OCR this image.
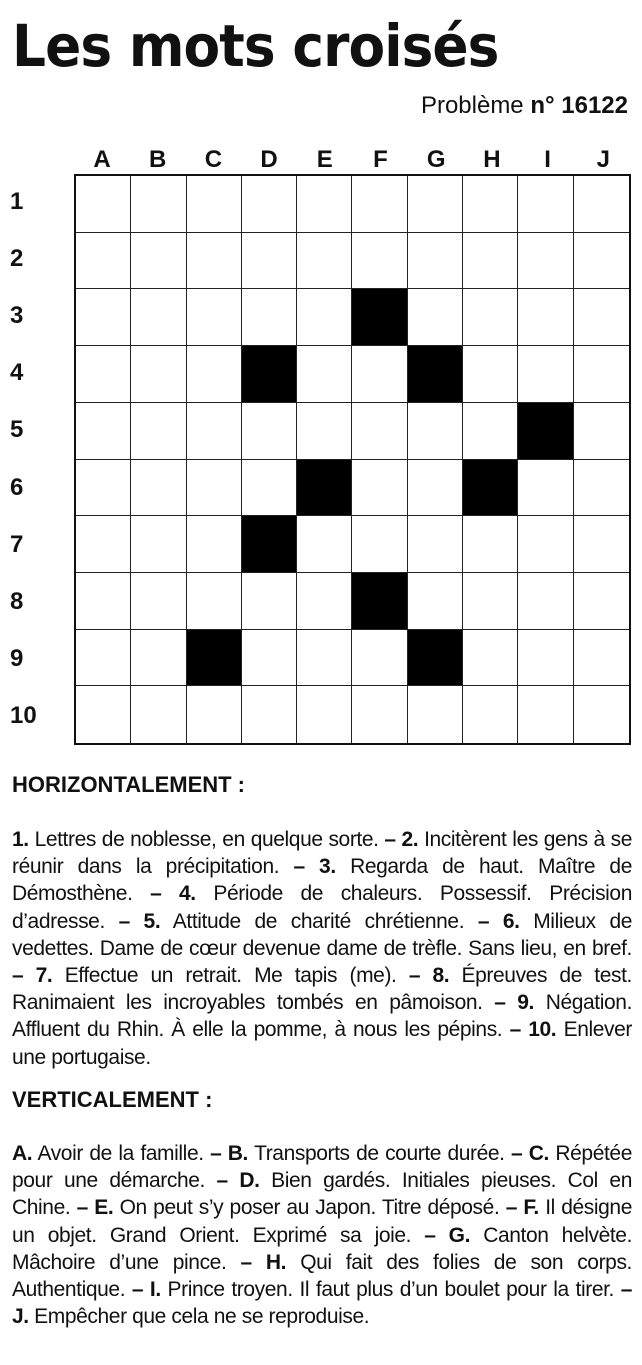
Les mots croisés
Problème n° 16122
A	B	C	D	E	F	G	H	I	J
1
2
3
4
5
6
7
8
9
10
HORIZONTALEMENT :
1. Lettres de noblesse, en quelque sorte. – 2. Incitèrent les gens à se réunir dans la précipitation. – 3. Regarda de haut. Maître de Démosthène. – 4. Période de chaleurs. Possessif. Précision d’adresse. – 5. Attitude de charité chrétienne. – 6. Milieux de vedettes. Dame de cœur devenue dame de trèfle. Sans lieu, en bref. – 7. Effectue un retrait. Me tapis (me). – 8. Épreuves de test. Ranimaient les incroyables tombés en pâmoison. – 9. Négation. Affluent du Rhin. À elle la pomme, à nous les pépins. – 10. Enlever une portugaise.
VERTICALEMENT :
A. Avoir de la famille. – B. Transports de courte durée. – C. Répétée pour une démarche. – D. Bien gardés. Initiales pieuses. Col en Chine. – E. On peut s’y poser au Japon. Titre déposé. – F. Il désigne un objet. Grand Orient. Exprimé sa joie. – G. Canton helvète. Mâchoire d’une pince. – H. Qui fait des folies de son corps. Authentique. – I. Prince troyen. Il faut plus d’un boulet pour la tirer. – J. Empêcher que cela ne se reproduise.
